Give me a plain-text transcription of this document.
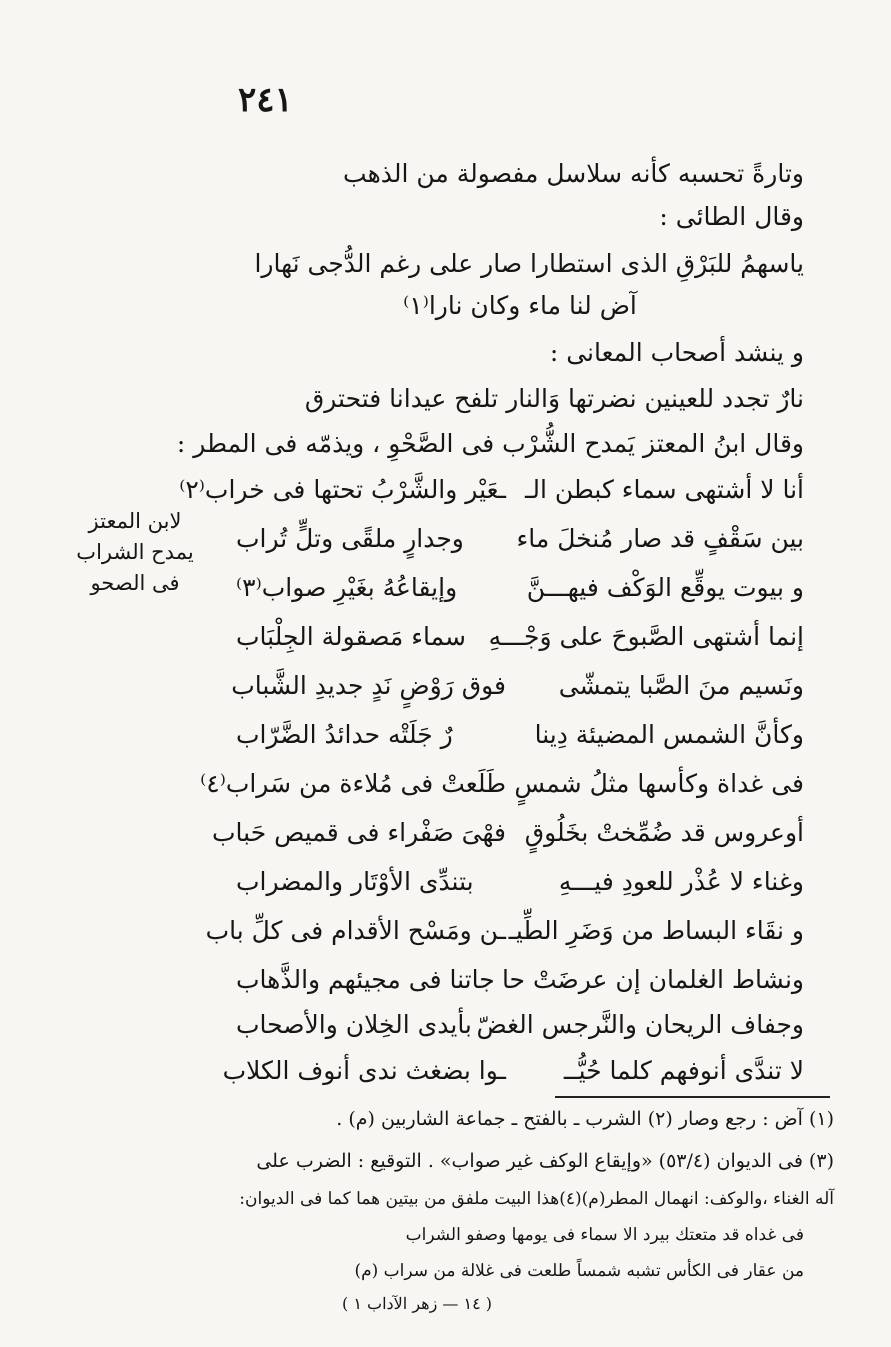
٢٤١
وتارةً تحسبه كأنه سلاسل مفصولة من الذهب
وقال الطائى :
ياسهمُ للبَرْقِ الذى استطارا صار على رغم الدُّجى نَهارا
آض لنا ماء وكان نارا⁽١⁾
و ينشد أصحاب المعانى :
نارٌ تجدد للعينين نضرتها وَالنار تلفح عيدانا فتحترق
وقال ابنُ المعتز يَمدح الشُّرْب فى الصَّحْوِ ، ويذمّه فى المطر :
أنا لا أشتهى سماء كبطن الـ
ـعَيْر والشَّرْبُ تحتها فى خراب⁽٢⁾
بين سَقْفٍ قد صار مُنخلَ ماء
وجدارٍ ملقًى وتلٍّ تُراب
و بيوت يوقِّع الوَكْف فيهـــنَّ
وإيقاعُهُ بغَيْرِ صواب⁽٣⁾
إنما أشتهى الصَّبوحَ على وَجْـــهِ
سماء مَصقولة الجِلْبَاب
ونَسيم منَ الصَّبا يتمشّى
فوق رَوْضٍ نَدٍ جديدِ الشَّباب
وكأنَّ الشمس المضيئة دِينا
رٌ جَلَتْه حدائدُ الضَّرّاب
فى غداة وكأسها مثلُ شمسٍ
طَلَعتْ فى مُلاءة من سَراب⁽٤⁾
أوعروس قد ضُمِّختْ بخَلُوقٍ
فهْىَ صَفْراء فى قميص حَباب
وغناء لا عُذْر للعودِ فيـــهِ
بتندِّى الأوْتَار والمضراب
و نقَاء البساط من وَضَرِ الطِّيـ
ـن ومَسْح الأقدام فى كلِّ باب
ونشاط الغلمان إن عرضَتْ حا
جاتنا فى مجيئهم والذَّهاب
وجفاف الريحان والنَّرجس الغضّ
بأيدى الخِلان والأصحاب
لا تندَّى أنوفهم كلما حُيُّــ
ـوا بضغث ندى أنوف الكلاب
لابن المعتز
يمدح الشراب
فى الصحو
(١) آض : رجع وصار (٢) الشرب ـ بالفتح ـ جماعة الشاربين (م) .
(٣) فى الديوان (٥٣/٤) «وإيقاع الوكف غير صواب» . التوقيع : الضرب على
آله الغناء ،والوكف: انهمال المطر(م)(٤)هذا البيت ملفق من بيتين هما كما فى الديوان:
فى غداه قد متعتك بيرد الا سماء فى يومها وصفو الشراب
من عقار فى الكأس تشبه شمساً طلعت فى غلالة من سراب (م)
( ١٤ — زهر الآداب ١ )
